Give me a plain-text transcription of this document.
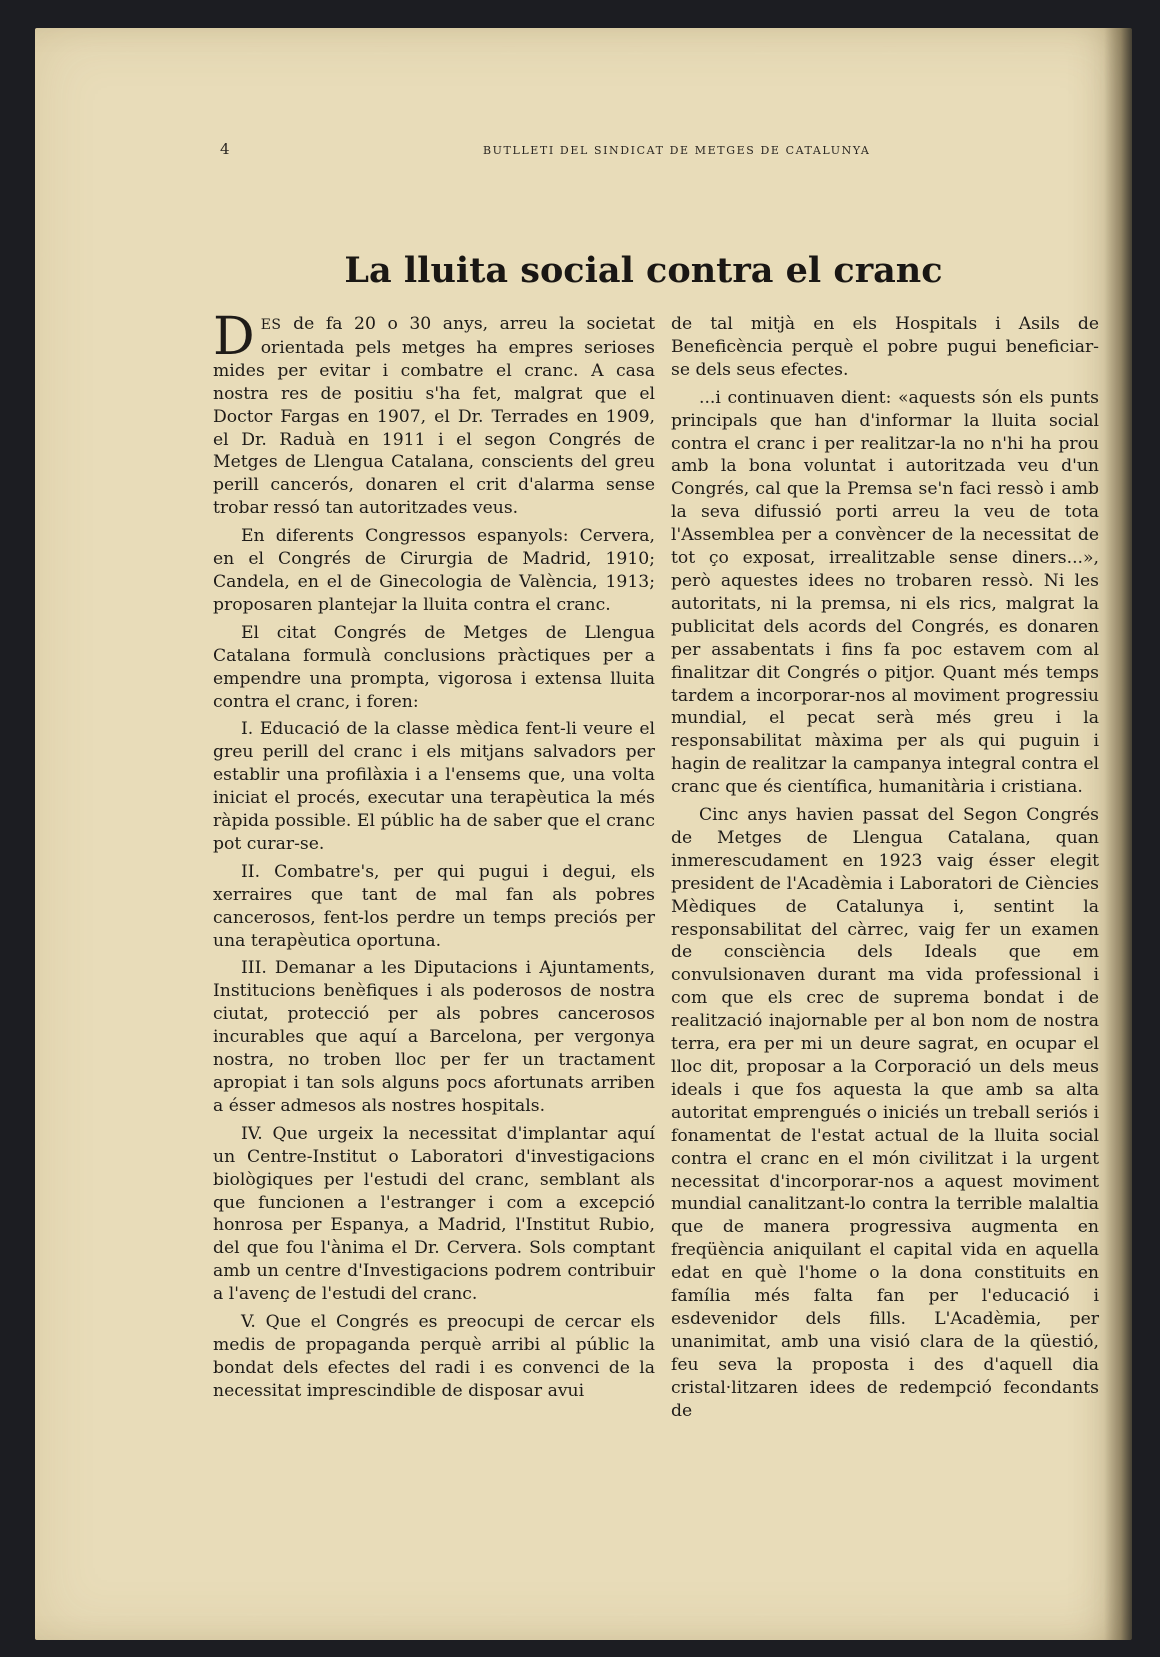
4	BUTLLETI DEL SINDICAT DE METGES DE CATALUNYA
La lluita social contra el cranc

DES de fa 20 o 30 anys, arreu la societat orientada pels metges ha empres serioses mides per evitar i combatre el cranc. A casa nostra res de positiu s'ha fet, malgrat que el Doctor Fargas en 1907, el Dr. Terrades en 1909, el Dr. Raduà en 1911 i el segon Congrés de Metges de Llengua Catalana, conscients del greu perill cancerós, donaren el crit d'alarma sense trobar ressó tan autoritzades veus.

En diferents Congressos espanyols: Cervera, en el Congrés de Cirurgia de Madrid, 1910; Candela, en el de Ginecologia de València, 1913; proposaren plantejar la lluita contra el cranc.

El citat Congrés de Metges de Llengua Catalana formulà conclusions pràctiques per a empendre una prompta, vigorosa i extensa lluita contra el cranc, i foren:

I. Educació de la classe mèdica fent-li veure el greu perill del cranc i els mitjans salvadors per establir una profilàxia i a l'ensems que, una volta iniciat el procés, executar una terapèutica la més ràpida possible. El públic ha de saber que el cranc pot curar-se.

II. Combatre's, per qui pugui i degui, els xerraires que tant de mal fan als pobres cancerosos, fent-los perdre un temps preciós per una terapèutica oportuna.

III. Demanar a les Diputacions i Ajuntaments, Institucions benèfiques i als poderosos de nostra ciutat, protecció per als pobres cancerosos incurables que aquí a Barcelona, per vergonya nostra, no troben lloc per fer un tractament apropiat i tan sols alguns pocs afortunats arriben a ésser admesos als nostres hospitals.

IV. Que urgeix la necessitat d'implantar aquí un Centre-Institut o Laboratori d'investigacions biològiques per l'estudi del cranc, semblant als que funcionen a l'estranger i com a excepció honrosa per Espanya, a Madrid, l'Institut Rubio, del que fou l'ànima el Dr. Cervera. Sols comptant amb un centre d'Investigacions podrem contribuir a l'avenç de l'estudi del cranc.

V. Que el Congrés es preocupi de cercar els medis de propaganda perquè arribi al públic la bondat dels efectes del radi i es convenci de la necessitat imprescindible de disposar avui

de tal mitjà en els Hospitals i Asils de Beneficència perquè el pobre pugui beneficiar-se dels seus efectes.

...i continuaven dient: «aquests són els punts principals que han d'informar la lluita social contra el cranc i per realitzar-la no n'hi ha prou amb la bona voluntat i autoritzada veu d'un Congrés, cal que la Premsa se'n faci ressò i amb la seva difussió porti arreu la veu de tota l'Assemblea per a convèncer de la necessitat de tot ço exposat, irrealitzable sense diners...», però aquestes idees no trobaren ressò. Ni les autoritats, ni la premsa, ni els rics, malgrat la publicitat dels acords del Congrés, es donaren per assabentats i fins fa poc estavem com al finalitzar dit Congrés o pitjor. Quant més temps tardem a incorporar-nos al moviment progressiu mundial, el pecat serà més greu i la responsabilitat màxima per als qui puguin i hagin de realitzar la campanya integral contra el cranc que és científica, humanitària i cristiana.

Cinc anys havien passat del Segon Congrés de Metges de Llengua Catalana, quan inmerescudament en 1923 vaig ésser elegit president de l'Acadèmia i Laboratori de Ciències Mèdiques de Catalunya i, sentint la responsabilitat del càrrec, vaig fer un examen de consciència dels Ideals que em convulsionaven durant ma vida professional i com que els crec de suprema bondat i de realització inajornable per al bon nom de nostra terra, era per mi un deure sagrat, en ocupar el lloc dit, proposar a la Corporació un dels meus ideals i que fos aquesta la que amb sa alta autoritat emprengués o iniciés un treball seriós i fonamentat de l'estat actual de la lluita social contra el cranc en el món civilitzat i la urgent necessitat d'incorporar-nos a aquest moviment mundial canalitzant-lo contra la terrible malaltia que de manera progressiva augmenta en freqüència aniquilant el capital vida en aquella edat en què l'home o la dona constituits en família més falta fan per l'educació i esdevenidor dels fills. L'Acadèmia, per unanimitat, amb una visió clara de la qüestió, feu seva la proposta i des d'aquell dia cristal·litzaren idees de redempció fecondants de
